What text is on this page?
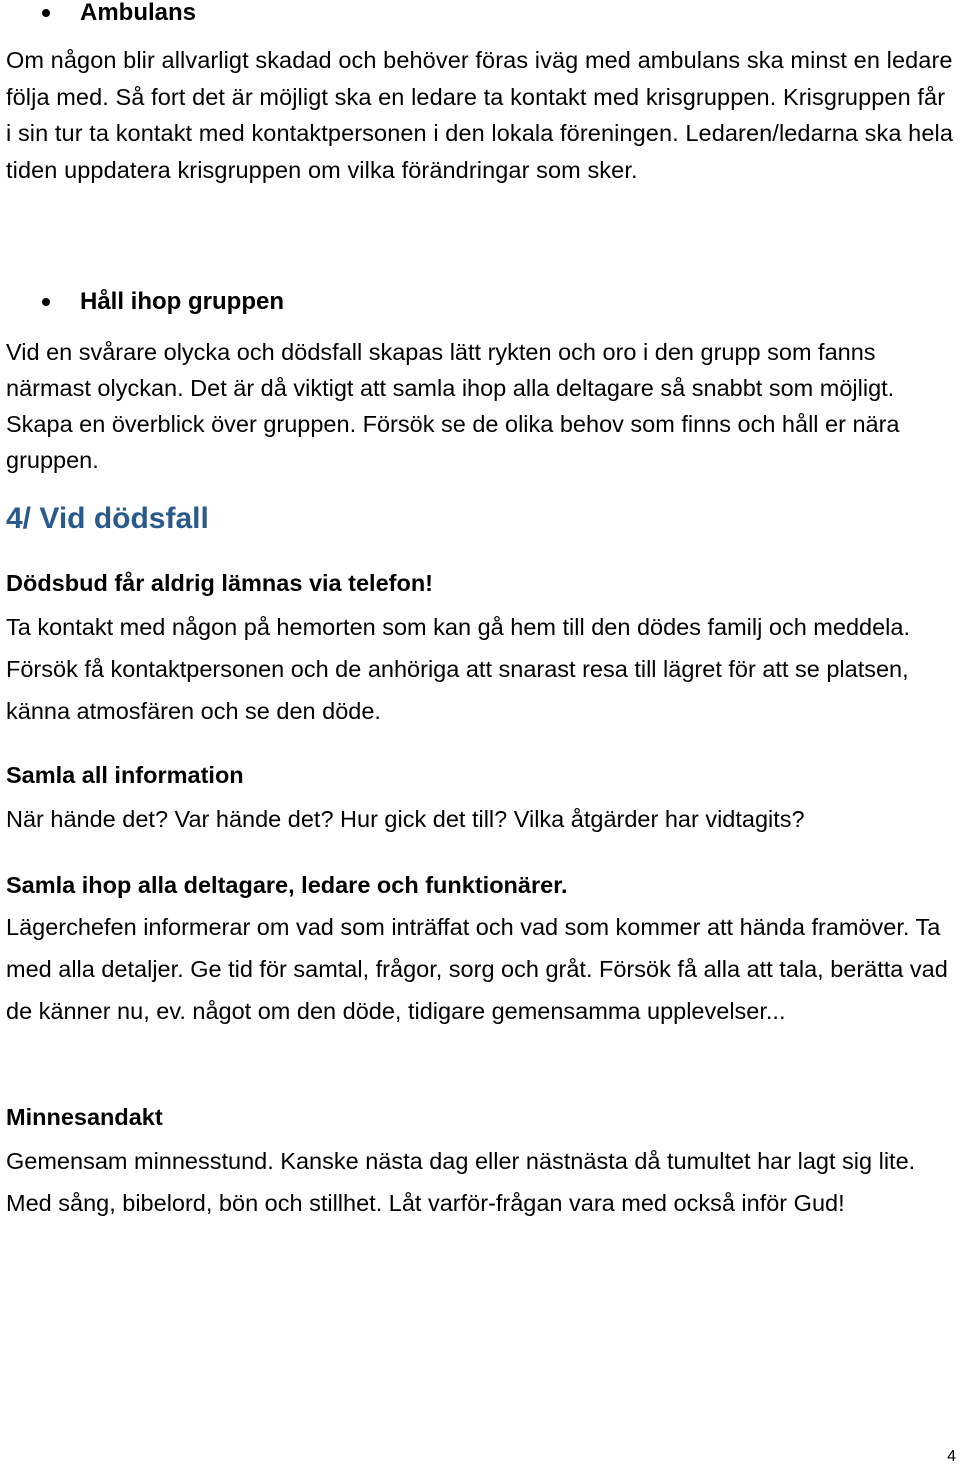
Ambulans

Om någon blir allvarligt skadad och behöver föras iväg med ambulans ska minst en ledare följa med. Så fort det är möjligt ska en ledare ta kontakt med krisgruppen. Krisgruppen får i sin tur ta kontakt med kontaktpersonen i den lokala föreningen. Ledaren/ledarna ska hela tiden uppdatera krisgruppen om vilka förändringar som sker.

Håll ihop gruppen

Vid en svårare olycka och dödsfall skapas lätt rykten och oro i den grupp som fanns närmast olyckan. Det är då viktigt att samla ihop alla deltagare så snabbt som möjligt. Skapa en överblick över gruppen. Försök se de olika behov som finns och håll er nära gruppen.

4/ Vid dödsfall

Dödsbud får aldrig lämnas via telefon!

Ta kontakt med någon på hemorten som kan gå hem till den dödes familj och meddela. Försök få kontaktpersonen och de anhöriga att snarast resa till lägret för att se platsen, känna atmosfären och se den döde.

Samla all information

När hände det? Var hände det? Hur gick det till? Vilka åtgärder har vidtagits?

Samla ihop alla deltagare, ledare och funktionärer.

Lägerchefen informerar om vad som inträffat och vad som kommer att hända framöver. Ta med alla detaljer. Ge tid för samtal, frågor, sorg och gråt. Försök få alla att tala, berätta vad de känner nu, ev. något om den döde, tidigare gemensamma upplevelser...

Minnesandakt

Gemensam minnesstund. Kanske nästa dag eller nästnästa då tumultet har lagt sig lite. Med sång, bibelord, bön och stillhet. Låt varför-frågan vara med också inför Gud!

4
